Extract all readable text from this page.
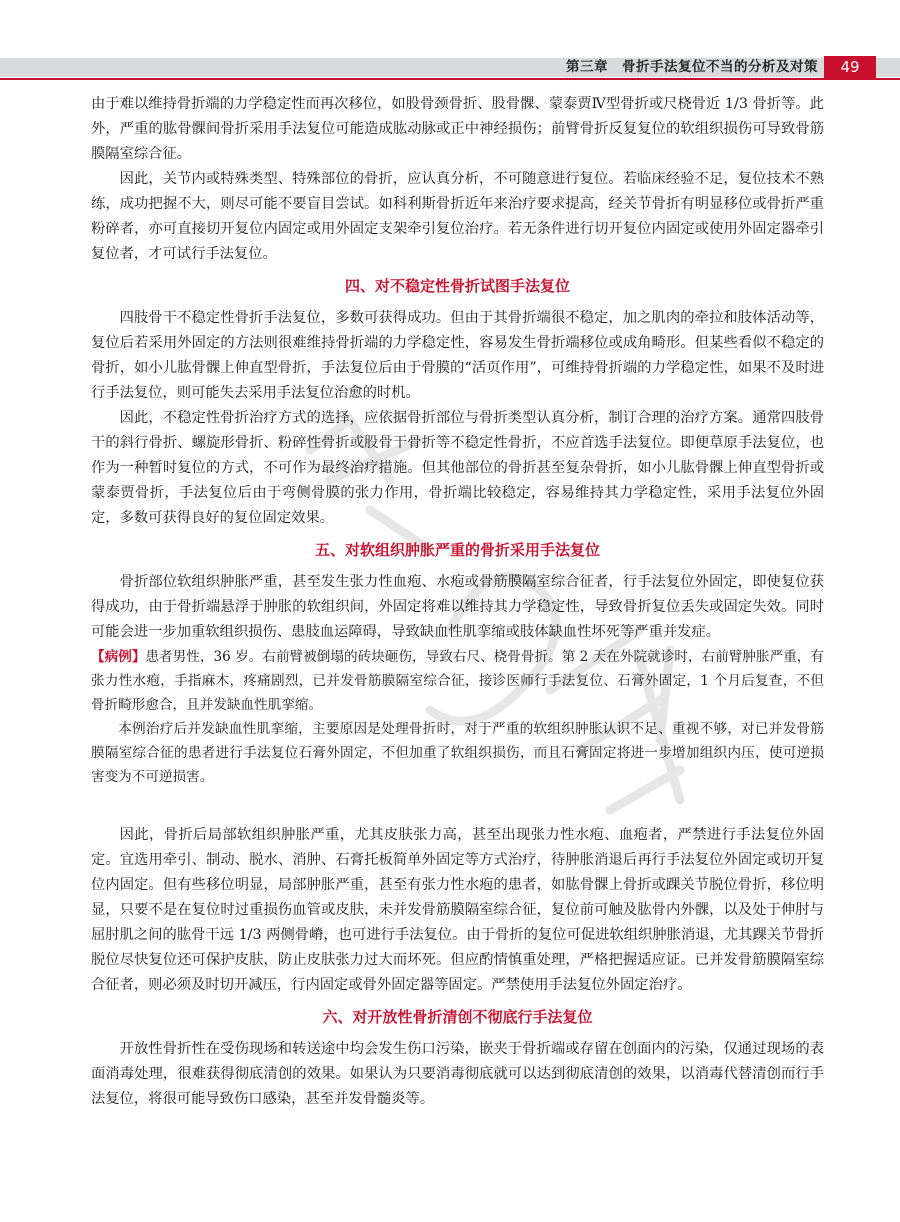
第三章　骨折手法复位不当的分析及对策	49

由于难以维持骨折端的力学稳定性而再次移位，如股骨颈骨折、股骨髁、蒙泰贾Ⅳ型骨折或尺桡骨近 1/3 骨折等。此外，严重的肱骨髁间骨折采用手法复位可能造成肱动脉或正中神经损伤；前臂骨折反复复位的软组织损伤可导致骨筋膜隔室综合征。

因此，关节内或特殊类型、特殊部位的骨折，应认真分析，不可随意进行复位。若临床经验不足，复位技术不熟练，成功把握不大，则尽可能不要盲目尝试。如科利斯骨折近年来治疗要求提高，经关节骨折有明显移位或骨折严重粉碎者，亦可直接切开复位内固定或用外固定支架牵引复位治疗。若无条件进行切开复位内固定或使用外固定器牵引复位者，才可试行手法复位。

四、对不稳定性骨折试图手法复位

四肢骨干不稳定性骨折手法复位，多数可获得成功。但由于其骨折端很不稳定，加之肌肉的牵拉和肢体活动等，复位后若采用外固定的方法则很难维持骨折端的力学稳定性，容易发生骨折端移位或成角畸形。但某些看似不稳定的骨折，如小儿肱骨髁上伸直型骨折，手法复位后由于骨膜的“活页作用”，可维持骨折端的力学稳定性，如果不及时进行手法复位，则可能失去采用手法复位治愈的时机。

因此，不稳定性骨折治疗方式的选择，应依据骨折部位与骨折类型认真分析，制订合理的治疗方案。通常四肢骨干的斜行骨折、螺旋形骨折、粉碎性骨折或股骨干骨折等不稳定性骨折，不应首选手法复位。即便草原手法复位，也作为一种暂时复位的方式，不可作为最终治疗措施。但其他部位的骨折甚至复杂骨折，如小儿肱骨髁上伸直型骨折或蒙泰贾骨折，手法复位后由于弯侧骨膜的张力作用，骨折端比较稳定，容易维持其力学稳定性，采用手法复位外固定，多数可获得良好的复位固定效果。

五、对软组织肿胀严重的骨折采用手法复位

骨折部位软组织肿胀严重，甚至发生张力性血疱、水疱或骨筋膜隔室综合征者，行手法复位外固定，即使复位获得成功，由于骨折端悬浮于肿胀的软组织间，外固定将难以维持其力学稳定性，导致骨折复位丢失或固定失效。同时可能会进一步加重软组织损伤、患肢血运障碍，导致缺血性肌挛缩或肢体缺血性坏死等严重并发症。

【病例】患者男性，36 岁。右前臂被倒塌的砖块砸伤，导致右尺、桡骨骨折。第 2 天在外院就诊时，右前臂肿胀严重，有张力性水疱，手指麻木，疼痛剧烈，已并发骨筋膜隔室综合征，接诊医师行手法复位、石膏外固定，1 个月后复查，不但骨折畸形愈合，且并发缺血性肌挛缩。

本例治疗后并发缺血性肌挛缩，主要原因是处理骨折时，对于严重的软组织肿胀认识不足、重视不够，对已并发骨筋膜隔室综合征的患者进行手法复位石膏外固定，不但加重了软组织损伤，而且石膏固定将进一步增加组织内压，使可逆损害变为不可逆损害。

因此，骨折后局部软组织肿胀严重，尤其皮肤张力高，甚至出现张力性水疱、血疱者，严禁进行手法复位外固定。宜选用牵引、制动、脱水、消肿、石膏托板简单外固定等方式治疗，待肿胀消退后再行手法复位外固定或切开复位内固定。但有些移位明显，局部肿胀严重，甚至有张力性水疱的患者，如肱骨髁上骨折或踝关节脱位骨折，移位明显，只要不是在复位时过重损伤血管或皮肤，未并发骨筋膜隔室综合征，复位前可触及肱骨内外髁，以及处于伸肘与屈肘肌之间的肱骨干远 1/3 两侧骨嵴，也可进行手法复位。由于骨折的复位可促进软组织肿胀消退，尤其踝关节骨折脱位尽快复位还可保护皮肤，防止皮肤张力过大而坏死。但应酌情慎重处理，严格把握适应证。已并发骨筋膜隔室综合征者，则必须及时切开减压，行内固定或骨外固定器等固定。严禁使用手法复位外固定治疗。

六、对开放性骨折清创不彻底行手法复位

开放性骨折性在受伤现场和转送途中均会发生伤口污染，嵌夹于骨折端或存留在创面内的污染，仅通过现场的表面消毒处理，很难获得彻底清创的效果。如果认为只要消毒彻底就可以达到彻底清创的效果，以消毒代替清创而行手法复位，将很可能导致伤口感染，甚至并发骨髓炎等。
